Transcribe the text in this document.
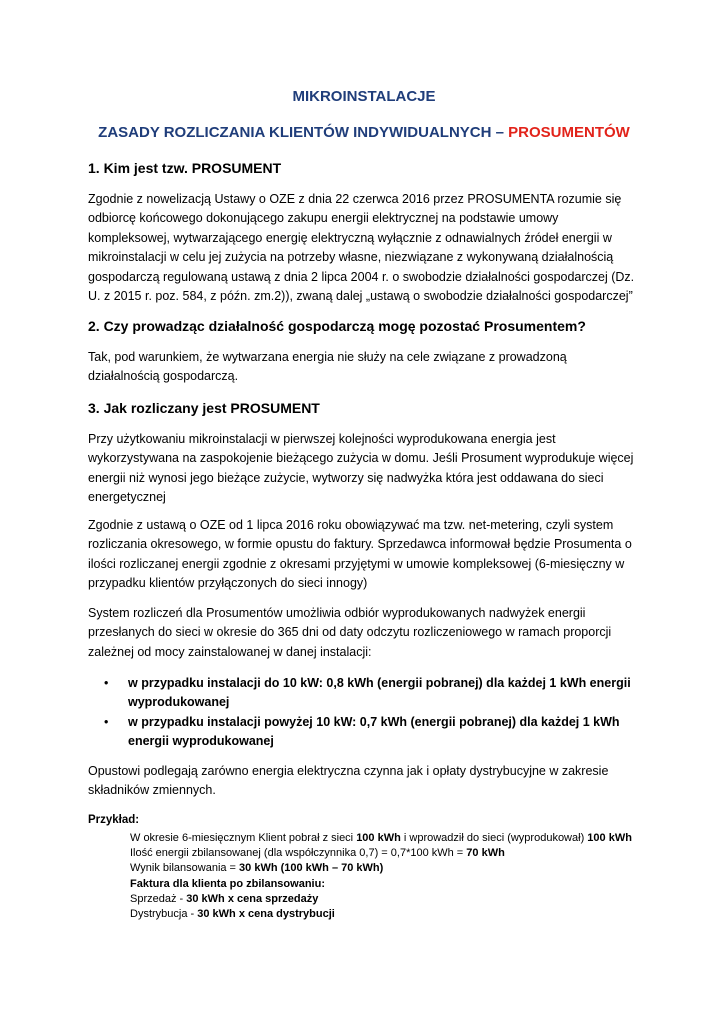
MIKROINSTALACJE
ZASADY ROZLICZANIA KLIENTÓW INDYWIDUALNYCH – PROSUMENTÓW
1. Kim jest tzw. PROSUMENT

Zgodnie z nowelizacją Ustawy o OZE z dnia 22 czerwca 2016 przez PROSUMENTA rozumie się odbiorcę końcowego dokonującego zakupu energii elektrycznej na podstawie umowy kompleksowej, wytwarzającego energię elektryczną wyłącznie z odnawialnych źródeł energii w mikroinstalacji w celu jej zużycia na potrzeby własne, niezwiązane z wykonywaną działalnością gospodarczą regulowaną ustawą z dnia 2 lipca 2004 r. o swobodzie działalności gospodarczej (Dz. U. z 2015 r. poz. 584, z późn. zm.2)), zwaną dalej „ustawą o swobodzie działalności gospodarczej”

2. Czy prowadząc działalność gospodarczą mogę pozostać Prosumentem?

Tak, pod warunkiem, że wytwarzana energia nie służy na cele związane z prowadzoną działalnością gospodarczą.

3. Jak rozliczany jest PROSUMENT

Przy użytkowaniu mikroinstalacji w pierwszej kolejności wyprodukowana energia jest wykorzystywana na zaspokojenie bieżącego zużycia w domu. Jeśli Prosument wyprodukuje więcej energii niż wynosi jego bieżące zużycie, wytworzy się nadwyżka która jest oddawana do sieci energetycznej

Zgodnie z ustawą o OZE od 1 lipca 2016 roku obowiązywać ma tzw. net-metering, czyli system rozliczania okresowego, w formie opustu do faktury. Sprzedawca informował będzie Prosumenta o ilości rozliczanej energii zgodnie z okresami przyjętymi w umowie kompleksowej (6-miesięczny w przypadku klientów przyłączonych do sieci innogy)

System rozliczeń dla Prosumentów umożliwia odbiór wyprodukowanych nadwyżek energii przesłanych do sieci w okresie do 365 dni od daty odczytu rozliczeniowego w ramach proporcji zależnej od mocy zainstalowanej w danej instalacji:

• w przypadku instalacji do 10 kW: 0,8 kWh (energii pobranej) dla każdej 1 kWh energii wyprodukowanej
• w przypadku instalacji powyżej 10 kW: 0,7 kWh (energii pobranej) dla każdej 1 kWh energii wyprodukowanej

Opustowi podlegają zarówno energia elektryczna czynna jak i opłaty dystrybucyjne w zakresie składników zmiennych.

Przykład:
W okresie 6-miesięcznym Klient pobrał z sieci 100 kWh i wprowadził do sieci (wyprodukował) 100 kWh
Ilość energii zbilansowanej (dla współczynnika 0,7) = 0,7*100 kWh = 70 kWh
Wynik bilansowania = 30 kWh (100 kWh – 70 kWh)
Faktura dla klienta po zbilansowaniu:
Sprzedaż - 30 kWh x cena sprzedaży
Dystrybucja - 30 kWh x cena dystrybucji
